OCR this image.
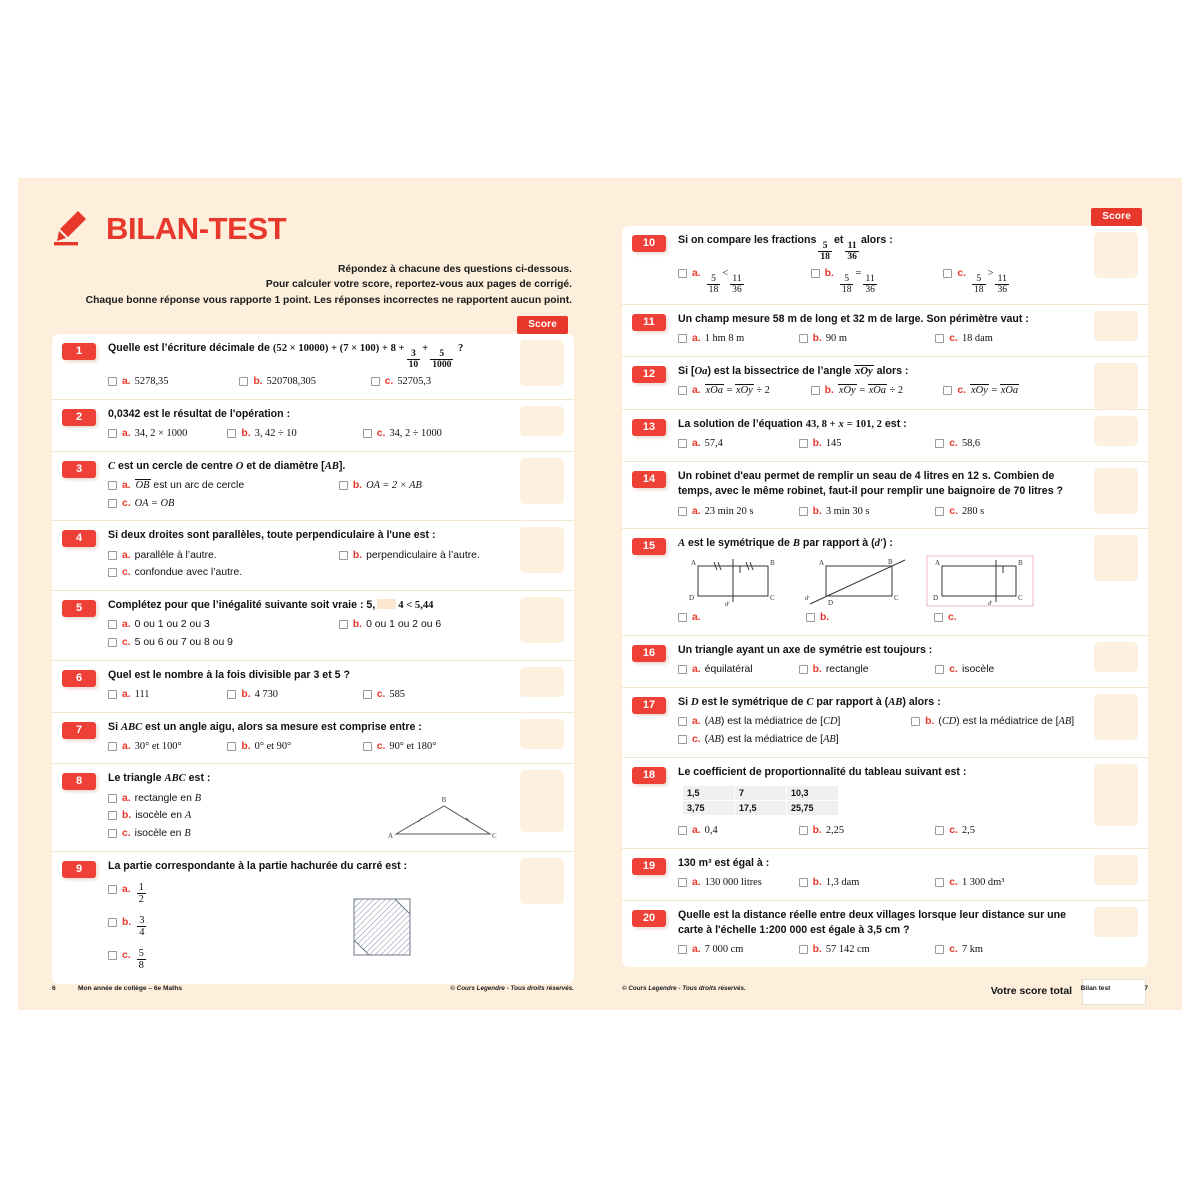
BILAN-TEST
Répondez à chacune des questions ci-dessous.
Pour calculer votre score, reportez-vous aux pages de corrigé.
Chaque bonne réponse vous rapporte 1 point. Les réponses incorrectes ne rapportent aucun point.
Score
1	Quelle est l’écriture décimale de (52 × 10000) + (7 × 100) + 8 +
$\frac{3}{10}$
+
$\frac{5}{1000}$
?
a. 5278,35	b. 520708,305	c. 52705,3
2	0,0342 est le résultat de l'opération :
a. 34, 2 × 1000	b. 3, 42 ÷ 10	c. 34, 2 ÷ 1000
3	C est un cercle de centre O et de diamètre [AB].
a. OB est un arc de cercle	b. OA = 2 × AB
c. OA = OB
4	Si deux droites sont parallèles, toute perpendiculaire à l'une est :
a. parallèle à l’autre.	b. perpendiculaire à l’autre.
c. confondue avec l’autre.
5	Complétez pour que l’inégalité suivante soit vraie : 5, 4 < 5,44
a. 0 ou 1 ou 2 ou 3	b. 0 ou 1 ou 2 ou 6
c. 5 ou 6 ou 7 ou 8 ou 9
6	Quel est le nombre à la fois divisible par 3 et 5 ?
a. 111	b. 4 730	c. 585
7	Si ABC est un angle aigu, alors sa mesure est comprise entre :
a. 30° et 100°	b. 0° et 90°	c. 90° et 180°
8	Le triangle ABC est :
a. rectangle en B
b. isocèle en A
c. isocèle en B
B
A	C
9	La partie correspondante à la partie hachurée du carré est :
a. $\frac{1}{2}$
b. $\frac{3}{4}$
c. $\frac{5}{8}$
6	Mon année de collège – 6e Maths	© Cours Legendre - Tous droits réservés.
Score
10	Si on compare les fractions
$\frac{5}{18}$
et
$\frac{11}{36}$
alors :
a.
$\frac{5}{18}$
<
$\frac{11}{36}$
b.
$\frac{5}{18}$
=
$\frac{11}{36}$
c.
$\frac{5}{18}$
>
$\frac{11}{36}$
11	Un champ mesure 58 m de long et 32 m de large. Son périmètre vaut :
a. 1 hm 8 m	b. 90 m	c. 18 dam
12	Si [Oa) est la bissectrice de l’angle xOy alors :
a. xOa = xOy ÷ 2	b. xOy = xOa ÷ 2	c. xOy = xOa
13	La solution de l’équation 43, 8 + x = 101, 2 est :
a. 57,4	b. 145	c. 58,6
14	Un robinet d'eau permet de remplir un seau de 4 litres en 12 s. Combien de temps, avec le même robinet, faut-il pour remplir une baignoire de 70 litres ?
a. 23 min 20 s	b. 3 min 30 s	c. 280 s
15	A est le symétrique de B par rapport à (d′) :
A	B
D	C
d'
A	B
D
C
d'
A	B
D	C
d'
a.	b.	c.
16	Un triangle ayant un axe de symétrie est toujours :
a. équilatéral	b. rectangle	c. isocèle
17	Si D est le symétrique de C par rapport à (AB) alors :
a. (AB) est la médiatrice de [CD]	b. (CD) est la médiatrice de [AB]
c. (AB) est la médiatrice de [AB]
18	Le coefficient de proportionnalité du tableau suivant est :
1,5	7	10,3
3,75	17,5	25,75
a. 0,4	b. 2,25	c. 2,5
19	130 m³ est égal à :
a. 130 000 litres	b. 1,3 dam	c. 1 300 dm³
20	Quelle est la distance réelle entre deux villages lorsque leur distance sur une carte à l'échelle 1:200 000 est égale à 3,5 cm ?
a. 7 000 cm	b. 57 142 cm	c. 7 km
Votre score total
© Cours Legendre - Tous droits réservés.	Bilan test	7
